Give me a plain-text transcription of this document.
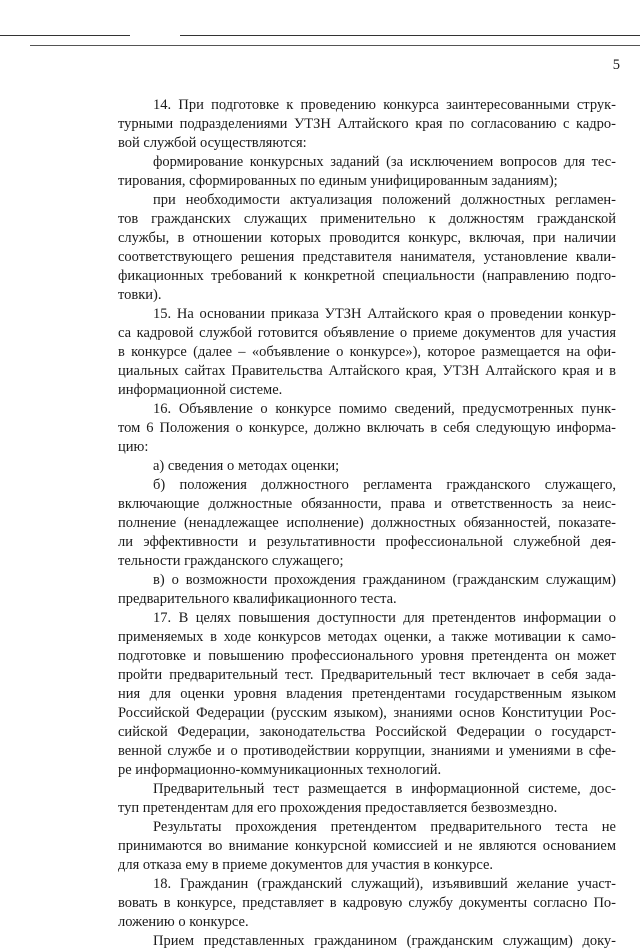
5
14. При подготовке к проведению конкурса заинтересованными струк-
турными подразделениями УТЗН Алтайского края по согласованию с кадро-
вой службой осуществляются:
формирование конкурсных заданий (за исключением вопросов для тес-
тирования, сформированных по единым унифицированным заданиям);
при необходимости актуализация положений должностных регламен-
тов гражданских служащих применительно к должностям гражданской
службы, в отношении которых проводится конкурс, включая, при наличии
соответствующего решения представителя нанимателя, установление квали-
фикационных требований к конкретной специальности (направлению подго-
товки).
15. На основании приказа УТЗН Алтайского края о проведении конкур-
са кадровой службой готовится объявление о приеме документов для участия
в конкурсе (далее – «объявление о конкурсе»), которое размещается на офи-
циальных сайтах Правительства Алтайского края, УТЗН Алтайского края и в
информационной системе.
16. Объявление о конкурсе помимо сведений, предусмотренных пунк-
том 6 Положения о конкурсе, должно включать в себя следующую информа-
цию:
а) сведения о методах оценки;
б) положения должностного регламента гражданского служащего,
включающие должностные обязанности, права и ответственность за неис-
полнение (ненадлежащее исполнение) должностных обязанностей, показате-
ли эффективности и результативности профессиональной служебной дея-
тельности гражданского служащего;
в) о возможности прохождения гражданином (гражданским служащим)
предварительного квалификационного теста.
17. В целях повышения доступности для претендентов информации о
применяемых в ходе конкурсов методах оценки, а также мотивации к само-
подготовке и повышению профессионального уровня претендента он может
пройти предварительный тест. Предварительный тест включает в себя зада-
ния для оценки уровня владения претендентами государственным языком
Российской Федерации (русским языком), знаниями основ Конституции Рос-
сийской Федерации, законодательства Российской Федерации о государст-
венной службе и о противодействии коррупции, знаниями и умениями в сфе-
ре информационно-коммуникационных технологий.
Предварительный тест размещается в информационной системе, дос-
туп претендентам для его прохождения предоставляется безвозмездно.
Результаты прохождения претендентом предварительного теста не
принимаются во внимание конкурсной комиссией и не являются основанием
для отказа ему в приеме документов для участия в конкурсе.
18. Гражданин (гражданский служащий), изъявивший желание участ-
вовать в конкурсе, представляет в кадровую службу документы согласно По-
ложению о конкурсе.
Прием представленных гражданином (гражданским служащим) доку-
